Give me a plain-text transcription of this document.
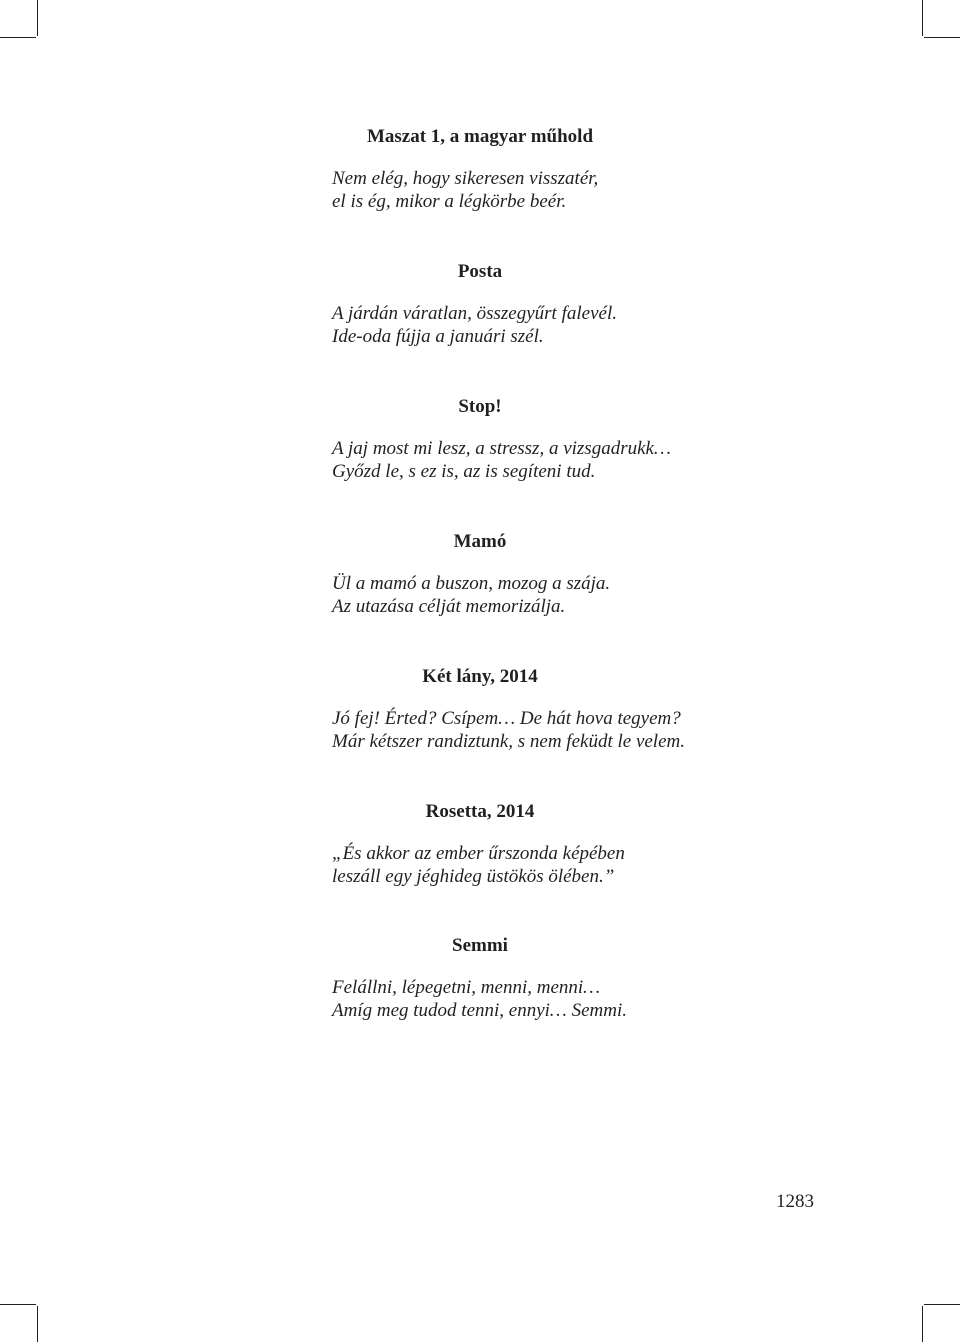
Maszat 1, a magyar műhold
Nem elég, hogy sikeresen visszatér,
el is ég, mikor a légkörbe beér.
Posta
A járdán váratlan, összegyűrt falevél.
Ide-oda fújja a januári szél.
Stop!
A jaj most mi lesz, a stressz, a vizsgadrukk…
Győzd le, s ez is, az is segíteni tud.
Mamó
Ül a mamó a buszon, mozog a szája.
Az utazása célját memorizálja.
Két lány, 2014
Jó fej! Érted? Csípem… De hát hova tegyem?
Már kétszer randiztunk, s nem feküdt le velem.
Rosetta, 2014
„És akkor az ember űrszonda képében
leszáll egy jéghideg üstökös ölében.”
Semmi
Felállni, lépegetni, menni, menni…
Amíg meg tudod tenni, ennyi… Semmi.
1283
